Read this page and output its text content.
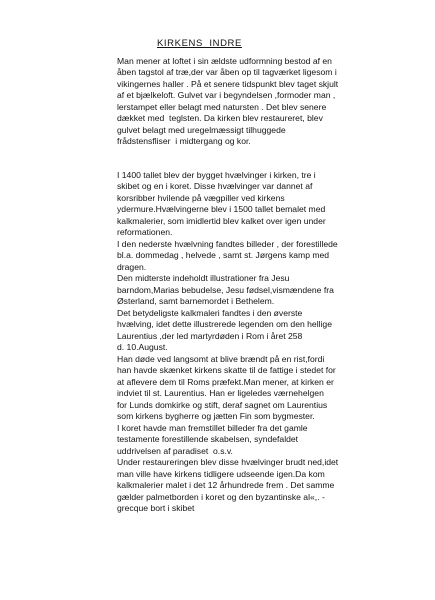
KIRKENS  INDRE
Man mener at loftet i sin ældste udformning bestod af en
åben tagstol af træ,der var åben op til tagværket ligesom i
vikingernes haller . På et senere tidspunkt blev taget skjult
af et bjælkeloft. Gulvet var i begyndelsen ,formoder man ,
lerstampet eller belagt med natursten . Det blev senere
dækket med  teglsten. Da kirken blev restaureret, blev
gulvet belagt med uregelmæssigt tilhuggede
frådstensfliser  i midtergang og kor.
I 1400 tallet blev der bygget hvælvinger i kirken, tre i
skibet og en i koret. Disse hvælvinger var dannet af
korsribber hvilende på vægpiller ved kirkens
ydermure.Hvælvingerne blev i 1500 tallet bemalet med
kalkmalerier, som imidlertid blev kalket over igen under
reformationen.
I den nederste hvælvning fandtes billeder , der forestillede
bl.a. dommedag , helvede , samt st. Jørgens kamp med
dragen.
Den midterste indeholdt illustrationer fra Jesu
barndom,Marias bebudelse, Jesu fødsel,vismændene fra
Østerland, samt barnemordet i Bethelem.
Det betydeligste kalkmaleri fandtes i den øverste
hvælving, idet dette illustrerede legenden om den hellige
Laurentius ,der led martyrdøden i Rom i året 258
d. 10.August.
Han døde ved langsomt at blive brændt på en rist,fordi
han havde skænket kirkens skatte til de fattige i stedet for
at aflevere dem til Roms præfekt.Man mener, at kirken er
indviet til st. Laurentius. Han er ligeledes værnehelgen
for Lunds domkirke og stift, deraf sagnet om Laurentius
som kirkens bygherre og jætten Fin som bygmester.
I koret havde man fremstillet billeder fra det gamle
testamente forestillende skabelsen, syndefaldet
uddrivelsen af paradiset  o.s.v.
Under restaureringen blev disse hvælvinger brudt ned,idet
man ville have kirkens tidligere udseende igen.Da kom
kalkmalerier malet i det 12 århundrede frem . Det samme
gælder palmetborden i koret og den byzantinske al«,. -
grecque bort i skibet
